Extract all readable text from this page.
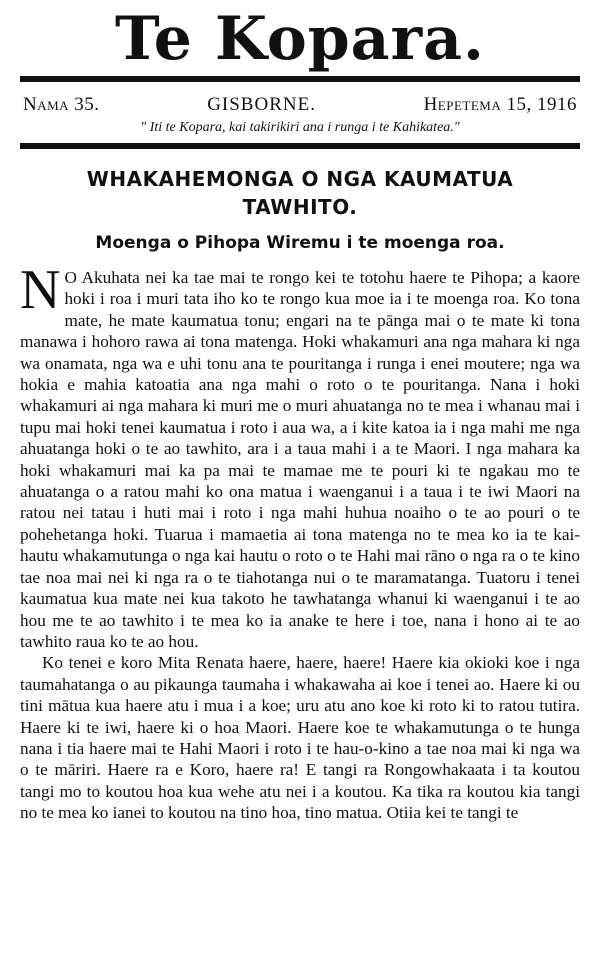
Te Kopara.
Nama 35.	GISBORNE.	Hepetema 15, 1916
" Iti te Kopara, kai takirikiri ana i runga i te Kahikatea."
WHAKAHEMONGA O NGA KAUMATUA TAWHITO.
Moenga o Pihopa Wiremu i te moenga roa.

N O Akuhata nei ka tae mai te rongo kei te totohu haere te Pihopa; a kaore hoki i roa i muri tata iho ko te rongo kua moe ia i te moenga roa. Ko tona mate, he mate kaumatua tonu; engari na te pānga mai o te mate ki tona manawa i hohoro rawa ai tona matenga. Hoki whakamuri ana nga mahara ki nga wa onamata, nga wa e uhi tonu ana te pouritanga i runga i enei moutere; nga wa hokia e mahia katoatia ana nga mahi o roto o te pouritanga. Nana i hoki whakamuri ai nga mahara ki muri me o muri ahuatanga no te mea i whanau mai i tupu mai hoki tenei kaumatua i roto i aua wa, a i kite katoa ia i nga mahi me nga ahuatanga hoki o te ao tawhito, ara i a taua mahi i a te Maori. I nga mahara ka hoki whakamuri mai ka pa mai te mamae me te pouri ki te ngakau mo te ahuatanga o a ratou mahi ko ona matua i waenganui i a taua i te iwi Maori na ratou nei tatau i huti mai i roto i nga mahi huhua noaiho o te ao pouri o te pohehetanga hoki. Tuarua i mamaetia ai tona matenga no te mea ko ia te kai-hautu whakamutunga o nga kai hautu o roto o te Hahi mai rāno o nga ra o te kino tae noa mai nei ki nga ra o te tiahotanga nui o te maramatanga. Tuatoru i tenei kaumatua kua mate nei kua takoto he tawhatanga whanui ki waenganui i te ao hou me te ao tawhito i te mea ko ia anake te here i toe, nana i hono ai te ao tawhito raua ko te ao hou.

Ko tenei e koro Mita Renata haere, haere, haere! Haere kia okioki koe i nga taumahatanga o au pikaunga taumaha i whakawaha ai koe i tenei ao. Haere ki ou tini mātua kua haere atu i mua i a koe; uru atu ano koe ki roto ki to ratou tutira. Haere ki te iwi, haere ki o hoa Maori. Haere koe te whakamutunga o te hunga nana i tia haere mai te Hahi Maori i roto i te hau-o-kino a tae noa mai ki nga wa o te māriri. Haere ra e Koro, haere ra! E tangi ra Rongowhakaata i ta koutou tangi mo to koutou hoa kua wehe atu nei i a koutou. Ka tika ra koutou kia tangi no te mea ko ianei to koutou na tino hoa, tino matua. Otiia kei te tangi te
